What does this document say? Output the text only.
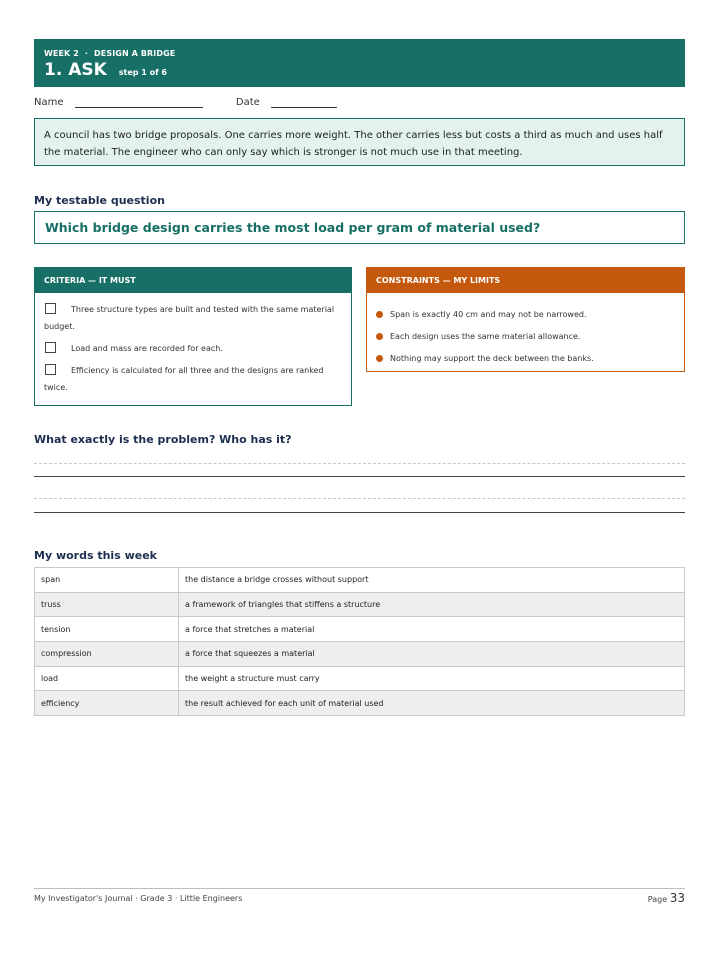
WEEK 2 · DESIGN A BRIDGE
1. ASK step 1 of 6
Name	Date
A council has two bridge proposals. One carries more weight. The other carries less but costs a third as much and uses half the material. The engineer who can only say which is stronger is not much use in that meeting.
My testable question
Which bridge design carries the most load per gram of material used?
CRITERIA — IT MUST
Three structure types are built and tested with the same material budget.
Load and mass are recorded for each.
Efficiency is calculated for all three and the designs are ranked twice.
CONSTRAINTS — MY LIMITS
Span is exactly 40 cm and may not be narrowed.
Each design uses the same material allowance.
Nothing may support the deck between the banks.
What exactly is the problem? Who has it?
My words this week
span	the distance a bridge crosses without support
truss	a framework of triangles that stiffens a structure
tension	a force that stretches a material
compression	a force that squeezes a material
load	the weight a structure must carry
efficiency	the result achieved for each unit of material used
My Investigator's Journal · Grade 3 · Little Engineers	Page 33
